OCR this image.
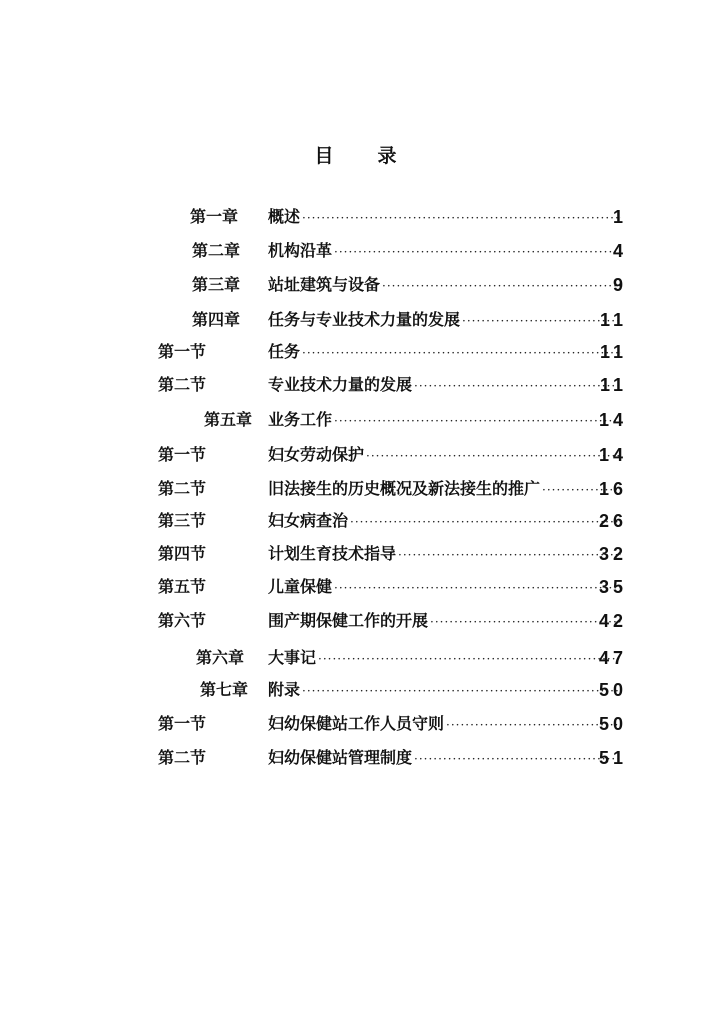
目 录
第一章 概述 ·····	1
第二章 机构沿革 ·····	4
第三章 站址建筑与设备 ·····	9
第四章 任务与专业技术力量的发展 ·····	11
第一节	任务 ·····	11
第二节	专业技术力量的发展 ·····	11
第五章 业务工作 ·····	14
第一节	妇女劳动保护 ·····	14
第二节	旧法接生的历史概况及新法接生的推广 ·····	16
第三节	妇女病查治 ·····	26
第四节	计划生育技术指导 ·····	32
第五节	儿童保健 ·····	35
第六节	围产期保健工作的开展 ·····	42
第六章 大事记 ·····	47
第七章 附录 ·····	50
第一节	妇幼保健站工作人员守则 ·····	50
第二节	妇幼保健站管理制度 ·····	51
